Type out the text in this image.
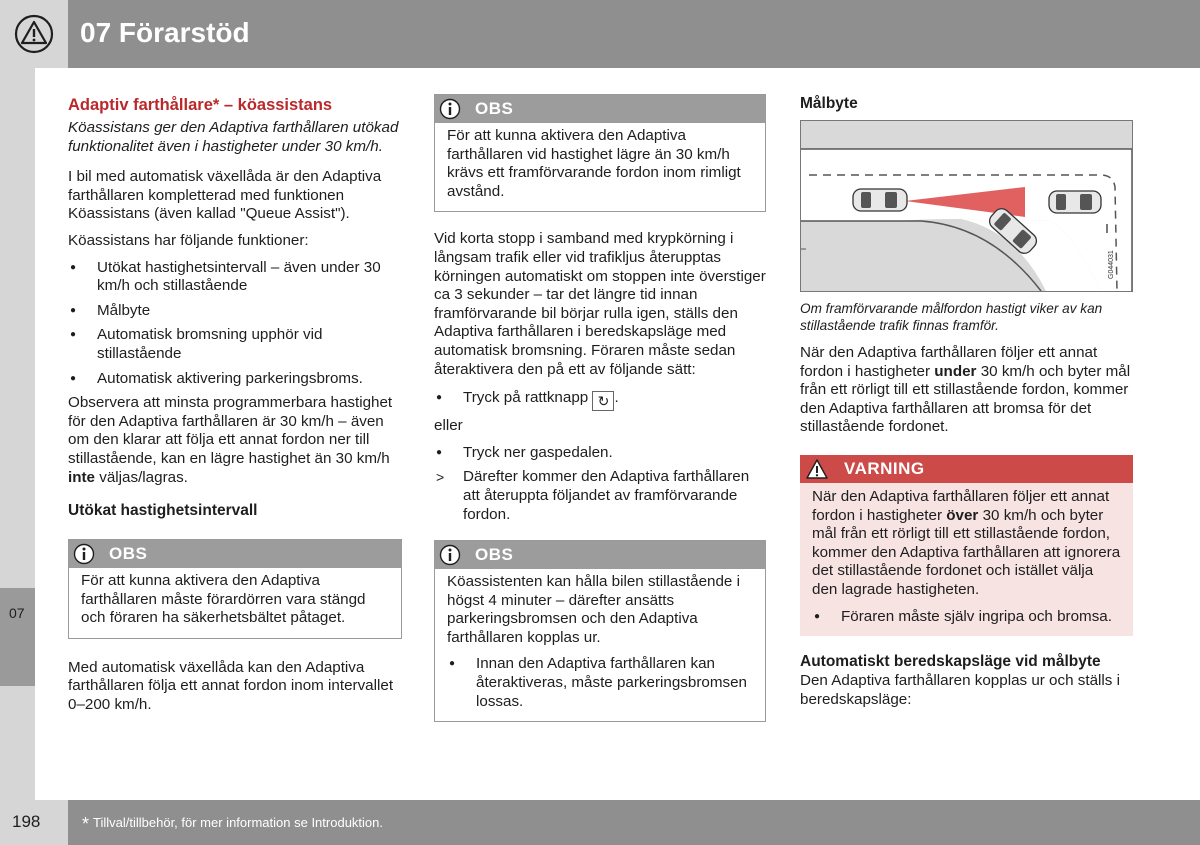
07 Förarstöd
07
Adaptiv farthållare* – köassistans

Köassistans ger den Adaptiva farthållaren utökad funktionalitet även i hastigheter under 30 km/h.

I bil med automatisk växellåda är den Adaptiva farthållaren kompletterad med funktionen Köassistans (även kallad "Queue Assist").

Köassistans har följande funktioner:

● Utökat hastighetsintervall – även under 30 km/h och stillastående
● Målbyte
● Automatisk bromsning upphör vid stillastående
● Automatisk aktivering parkeringsbroms.

Observera att minsta programmerbara hastighet för den Adaptiva farthållaren är 30 km/h – även om den klarar att följa ett annat fordon ner till stillastående, kan en lägre hastighet än 30 km/h inte väljas/lagras.

Utökat hastighetsintervall
OBS
För att kunna aktivera den Adaptiva farthållaren måste förardörren vara stängd och föraren ha säkerhetsbältet påtaget.

Med automatisk växellåda kan den Adaptiva farthållaren följa ett annat fordon inom intervallet 0–200 km/h.

OBS
För att kunna aktivera den Adaptiva farthållaren vid hastighet lägre än 30 km/h krävs ett framförvarande fordon inom rimligt avstånd.

Vid korta stopp i samband med krypkörning i långsam trafik eller vid trafikljus återupptas körningen automatiskt om stoppen inte överstiger ca 3 sekunder – tar det längre tid innan framförvarande bil börjar rulla igen, ställs den Adaptiva farthållaren i beredskapsläge med automatisk bromsning. Föraren måste sedan återaktivera den på ett av följande sätt:

● Tryck på rattknapp ↻ .

eller

● Tryck ner gaspedalen.
> Därefter kommer den Adaptiva farthållaren att återuppta följandet av framförvarande fordon.
OBS

Köassistenten kan hålla bilen stillastående i högst 4 minuter – därefter ansätts parkeringsbromsen och den Adaptiva farthållaren kopplas ur.

● Innan den Adaptiva farthållaren kan återaktiveras, måste parkeringsbromsen lossas.
Målbyte
G044031

Om framförvarande målfordon hastigt viker av kan stillastående trafik finnas framför.

När den Adaptiva farthållaren följer ett annat fordon i hastigheter under 30 km/h och byter mål från ett rörligt till ett stillastående fordon, kommer den Adaptiva farthållaren att bromsa för det stillastående fordonet.

VARNING

När den Adaptiva farthållaren följer ett annat fordon i hastigheter över 30 km/h och byter mål från ett rörligt till ett stillastående fordon, kommer den Adaptiva farthållaren att ignorera det stillastående fordonet och istället välja den lagrade hastigheten.

● Föraren måste själv ingripa och bromsa.
Automatiskt beredskapsläge vid målbyte

Den Adaptiva farthållaren kopplas ur och ställs i beredskapsläge:

198 * Tillval/tillbehör, för mer information se Introduktion.
